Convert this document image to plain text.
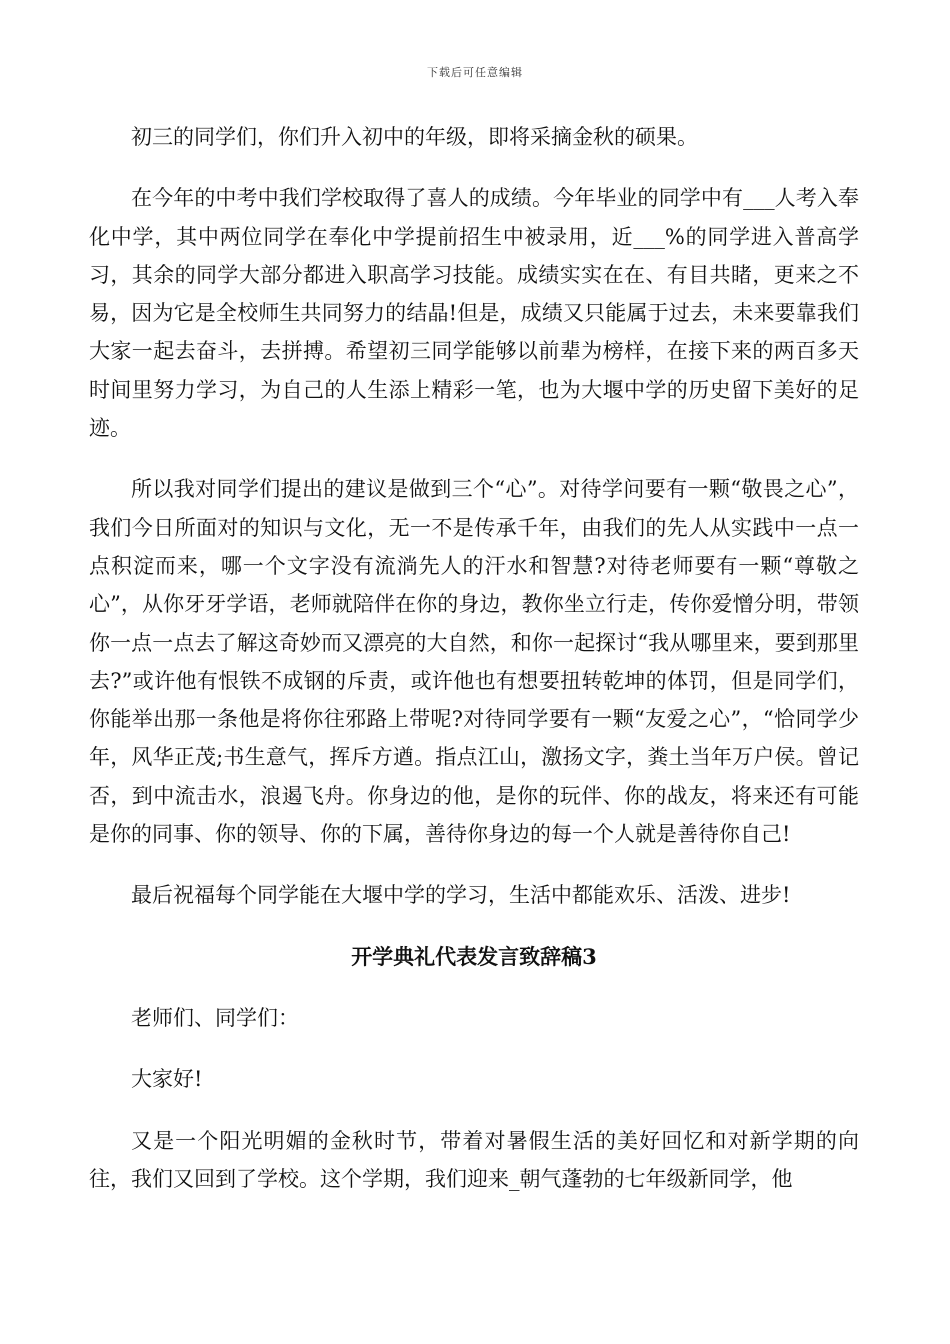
下载后可任意编辑

初三的同学们，你们升入初中的年级，即将采摘金秋的硕果。

在今年的中考中我们学校取得了喜人的成绩。今年毕业的同学中有___人考入奉化中学，其中两位同学在奉化中学提前招生中被录用，近___%的同学进入普高学习，其余的同学大部分都进入职高学习技能。成绩实实在在、有目共睹，更来之不易，因为它是全校师生共同努力的结晶!但是，成绩又只能属于过去，未来要靠我们大家一起去奋斗，去拼搏。希望初三同学能够以前辈为榜样，在接下来的两百多天时间里努力学习，为自己的人生添上精彩一笔，也为大堰中学的历史留下美好的足迹。

所以我对同学们提出的建议是做到三个“心”。对待学问要有一颗“敬畏之心”，我们今日所面对的知识与文化，无一不是传承千年，由我们的先人从实践中一点一点积淀而来，哪一个文字没有流淌先人的汗水和智慧?对待老师要有一颗“尊敬之心”，从你牙牙学语，老师就陪伴在你的身边，教你坐立行走，传你爱憎分明，带领你一点一点去了解这奇妙而又漂亮的大自然，和你一起探讨“我从哪里来，要到那里去?”或许他有恨铁不成钢的斥责，或许他也有想要扭转乾坤的体罚，但是同学们，你能举出那一条他是将你往邪路上带呢?对待同学要有一颗“友爱之心”，“恰同学少年，风华正茂;书生意气，挥斥方遒。指点江山，激扬文字，粪土当年万户侯。曾记否，到中流击水，浪遏飞舟。你身边的他，是你的玩伴、你的战友，将来还有可能是你的同事、你的领导、你的下属，善待你身边的每一个人就是善待你自己!

最后祝福每个同学能在大堰中学的学习，生活中都能欢乐、活泼、进步!

开学典礼代表发言致辞稿3

老师们、同学们：

大家好!

又是一个阳光明媚的金秋时节，带着对暑假生活的美好回忆和对新学期的向往，我们又回到了学校。这个学期，我们迎来_朝气蓬勃的七年级新同学，他
